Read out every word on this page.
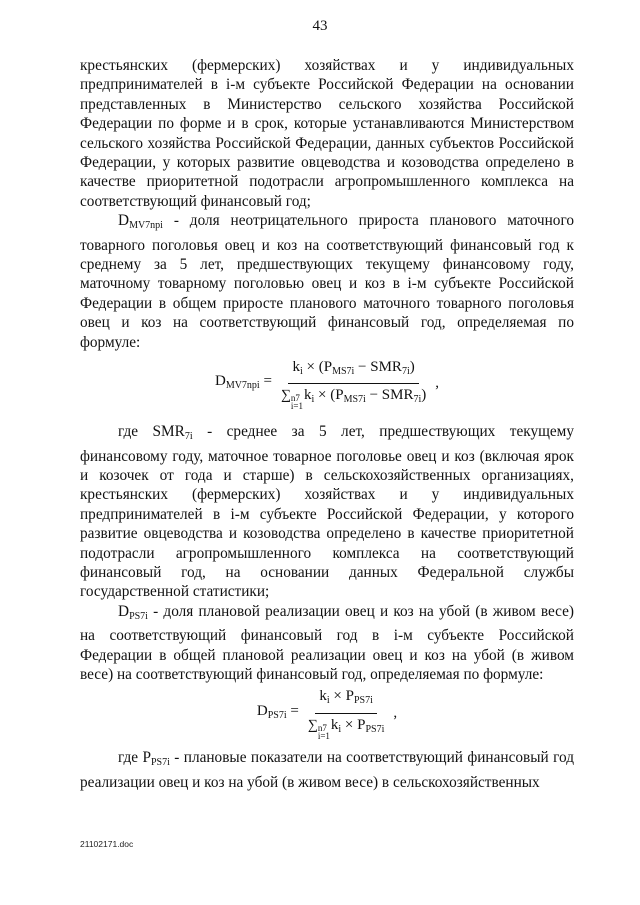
43

крестьянских (фермерских) хозяйствах и у индивидуальных предпринимателей в i-м субъекте Российской Федерации на основании представленных в Министерство сельского хозяйства Российской Федерации по форме и в срок, которые устанавливаются Министерством сельского хозяйства Российской Федерации, данных субъектов Российской Федерации, у которых развитие овцеводства и козоводства определено в качестве приоритетной подотрасли агропромышленного комплекса на соответствующий финансовый год;

$D_{MV7npi}$ - доля неотрицательного прироста планового маточного товарного поголовья овец и коз на соответствующий финансовый год к среднему за 5 лет, предшествующих текущему финансовому году, маточному товарному поголовью овец и коз в i-м субъекте Российской Федерации в общем приросте планового маточного товарного поголовья овец и коз на соответствующий финансовый год, определяемая по формуле:

$D_{MV7npi} = k_i \times (P_{MS7i} - SMR_{7i})$
∑ n7
i=1
$k_i \times (P_{MS7i} - SMR_{7i})$ ,

где $SMR_{7i}$ - среднее за 5 лет, предшествующих текущему финансовому году, маточное товарное поголовье овец и коз (включая ярок и козочек от года и старше) в сельскохозяйственных организациях, крестьянских (фермерских) хозяйствах и у индивидуальных предпринимателей в i-м субъекте Российской Федерации, у которого развитие овцеводства и козоводства определено в качестве приоритетной подотрасли агропромышленного комплекса на соответствующий финансовый год, на основании данных Федеральной службы государственной статистики;

$D_{PS7i}$ - доля плановой реализации овец и коз на убой (в живом весе) на соответствующий финансовый год в i-м субъекте Российской Федерации в общей плановой реализации овец и коз на убой (в живом весе) на соответствующий финансовый год, определяемая по формуле:

$D_{PS7i} = k_i \times P_{PS7i}$
∑ n7
i=1
$k_i \times P_{PS7i}$ ,

где $P_{PS7i}$ - плановые показатели на соответствующий финансовый год реализации овец и коз на убой (в живом весе) в сельскохозяйственных

21102171.doc
